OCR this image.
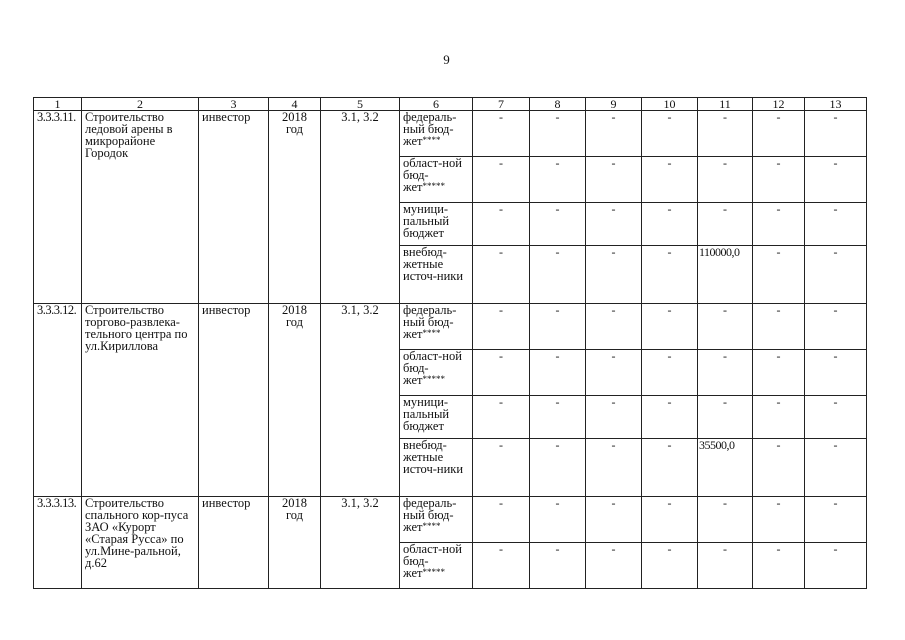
9
1	2	3	4	5	6	7	8	9	10	11	12	13
3.3.3.11.	Строительство ледовой арены в микрорайоне Городок	инвестор	2018 год	3.1, 3.2	федераль-ный бюд-жет****	-	-	-	-	-	-	-
					област-ной бюд-жет*****	-	-	-	-	-	-	-
					муници-пальный бюджет	-	-	-	-	-	-	-
					внебюд-жетные источ-ники	-	-	-	-	110000,0	-	-
3.3.3.12.	Строительство торгово-развлека-тельного центра по ул.Кириллова	инвестор	2018 год	3.1, 3.2	федераль-ный бюд-жет****	-	-	-	-	-	-	-
					област-ной бюд-жет*****	-	-	-	-	-	-	-
					муници-пальный бюджет	-	-	-	-	-	-	-
					внебюд-жетные источ-ники	-	-	-	-	35500,0	-	-
3.3.3.13.	Строительство спального кор-пуса ЗАО «Курорт «Старая Русса» по ул.Мине-ральной, д.62	инвестор	2018 год	3.1, 3.2	федераль-ный бюд-жет****	-	-	-	-	-	-	-
					област-ной бюд-жет*****	-	-	-	-	-	-	-
